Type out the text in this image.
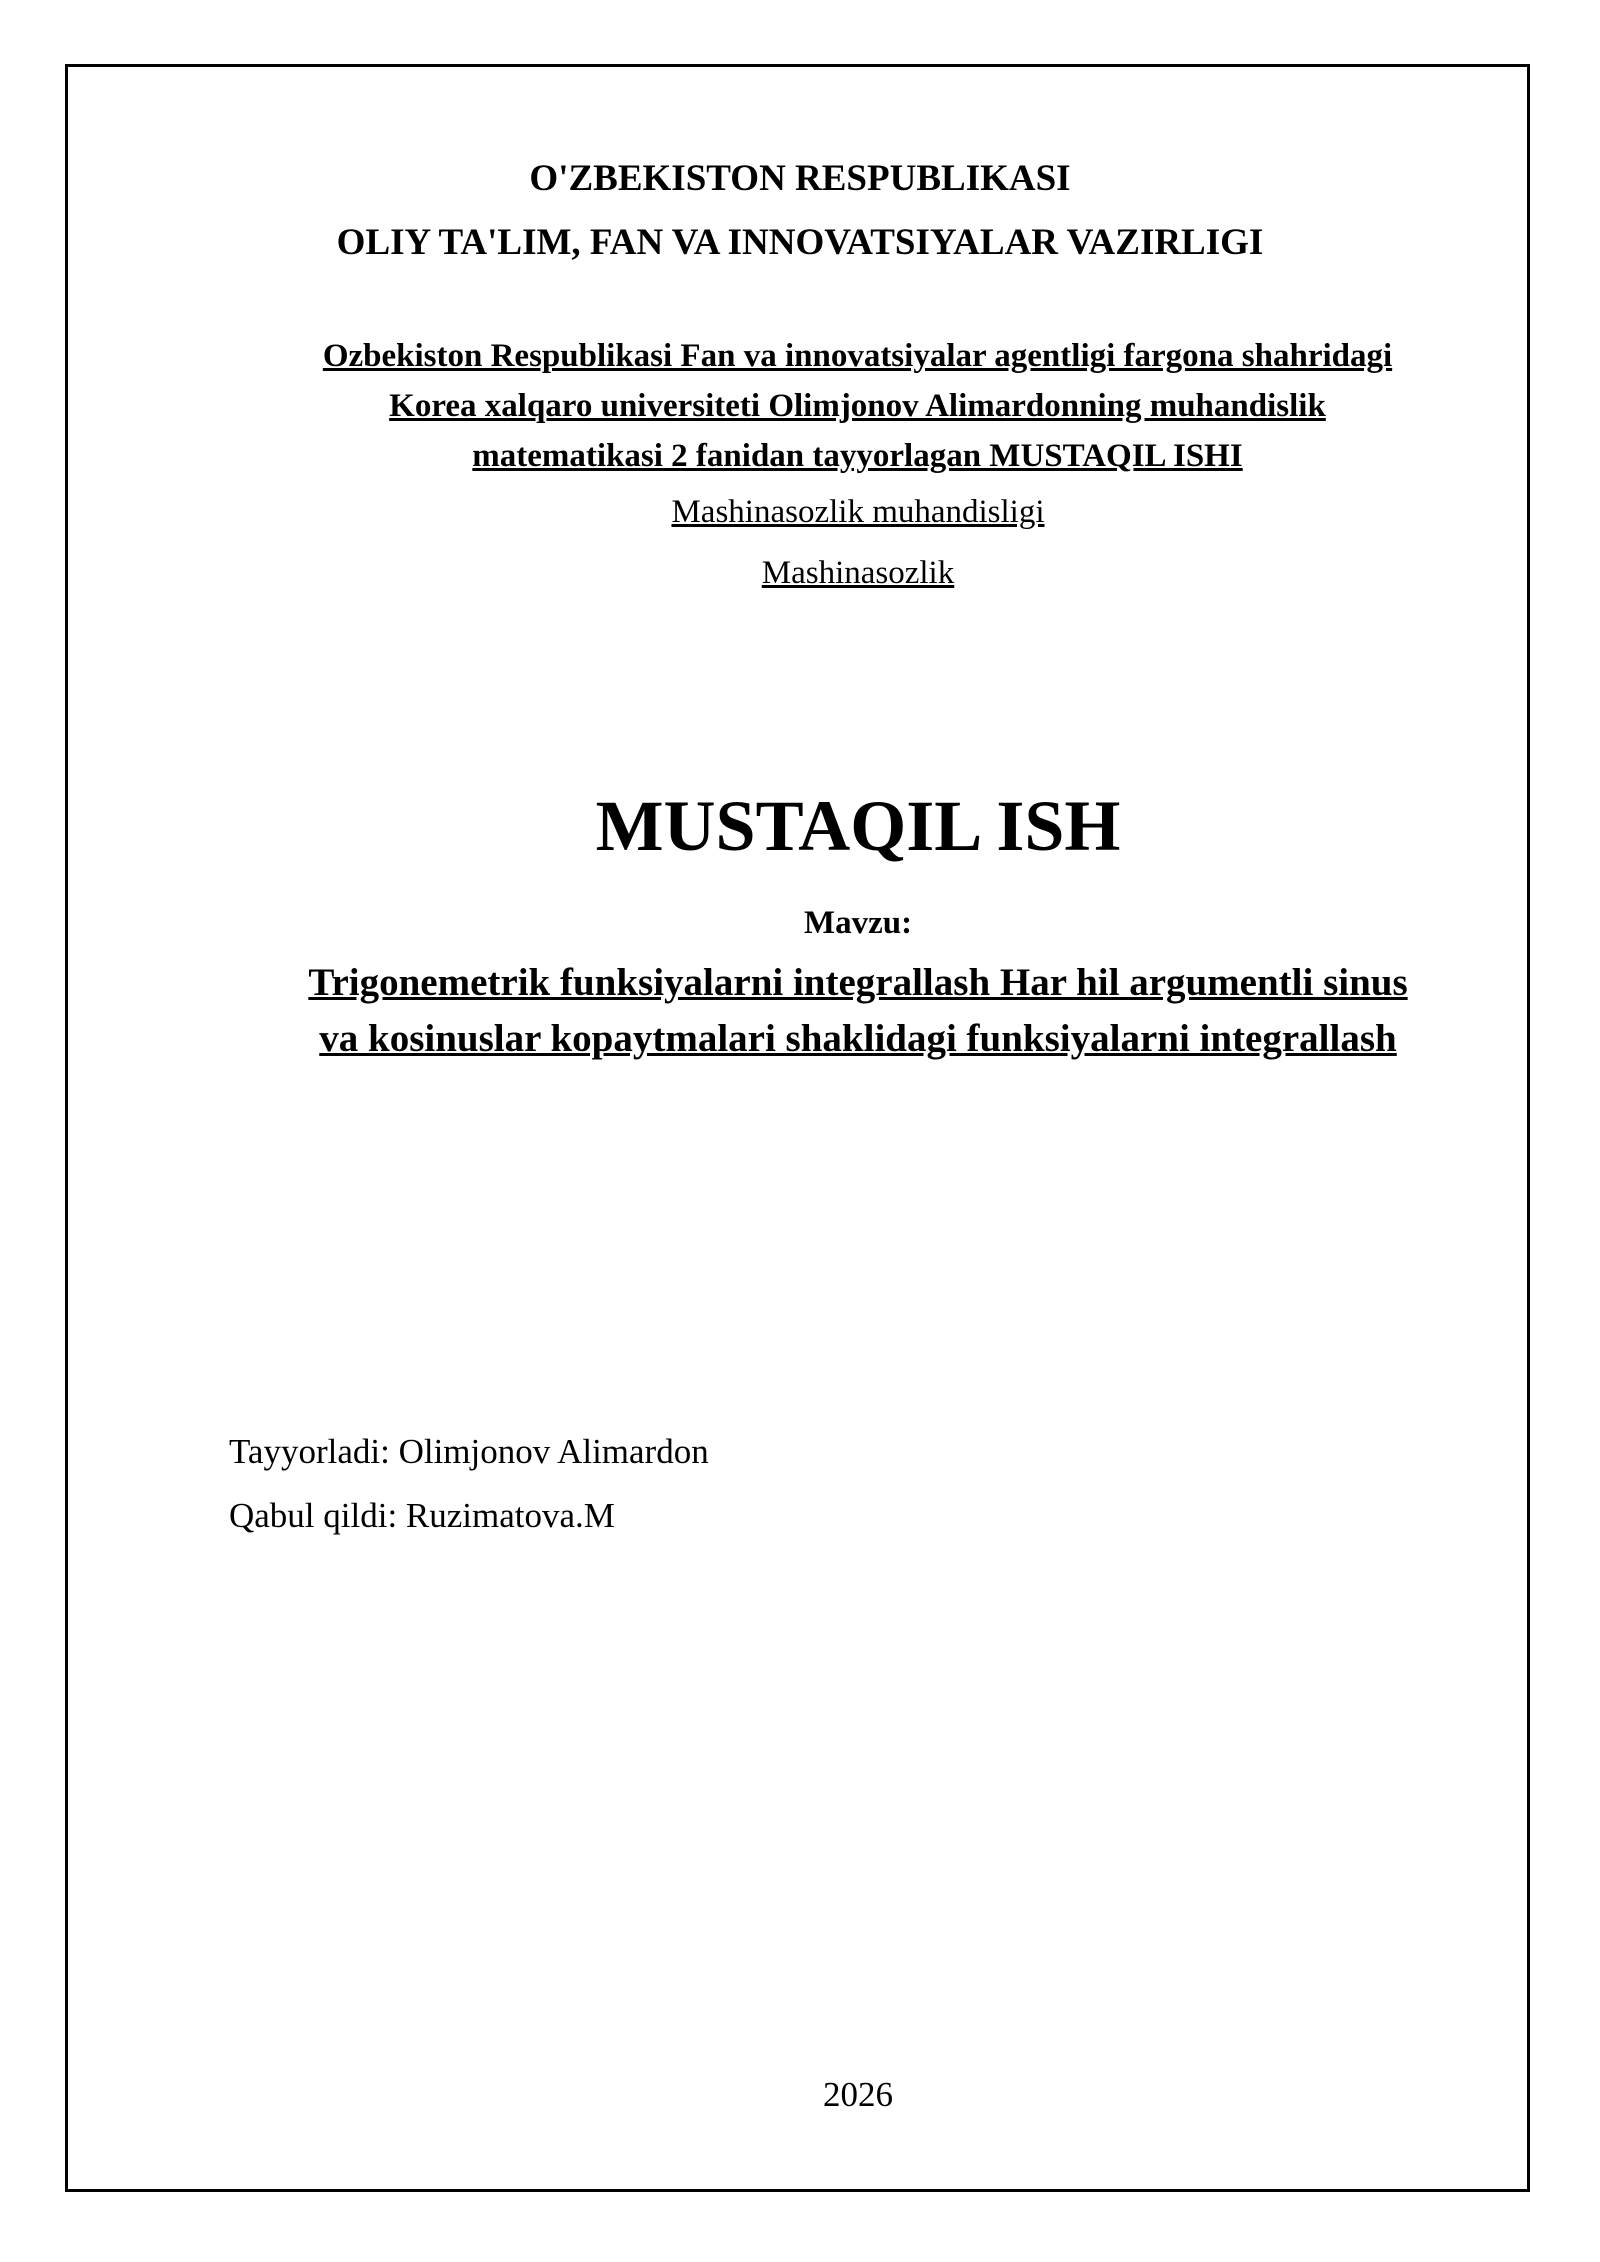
O'ZBEKISTON RESPUBLIKASI
OLIY TA'LIM, FAN VA INNOVATSIYALAR VAZIRLIGI
Ozbekiston Respublikasi Fan va innovatsiyalar agentligi fargona shahridagi
Korea xalqaro universiteti Olimjonov Alimardonning muhandislik
matematikasi 2 fanidan tayyorlagan MUSTAQIL ISHI
Mashinasozlik muhandisligi
Mashinasozlik
MUSTAQIL ISH
Mavzu:
Trigonemetrik funksiyalarni integrallash Har hil argumentli sinus
va kosinuslar kopaytmalari shaklidagi funksiyalarni integrallash
Tayyorladi: Olimjonov Alimardon
Qabul qildi: Ruzimatova.M
2026
